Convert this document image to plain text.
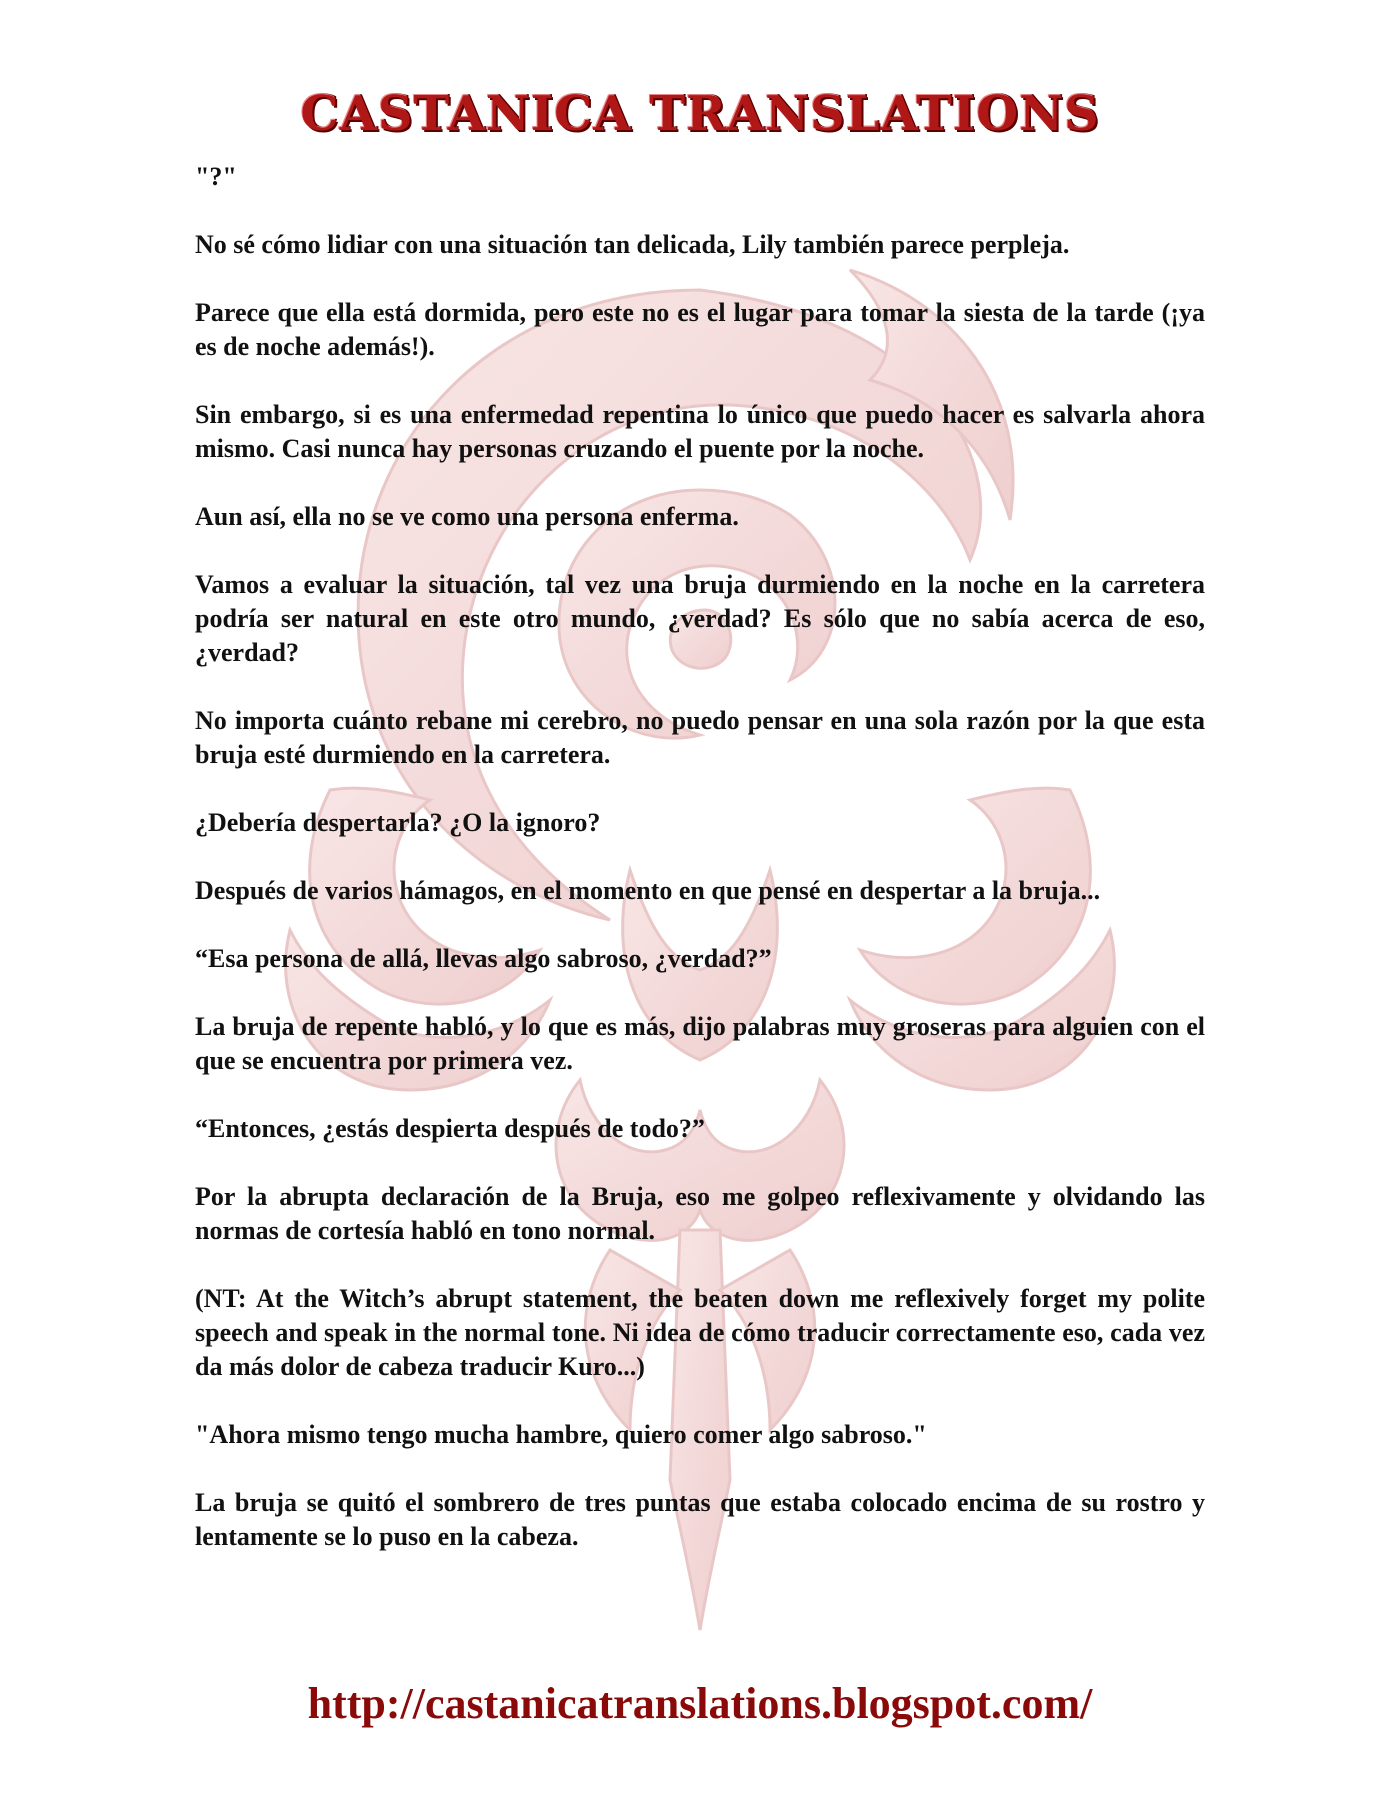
CASTANICA TRANSLATIONS

"?"

No sé cómo lidiar con una situación tan delicada, Lily también parece perpleja.

Parece que ella está dormida, pero este no es el lugar para tomar la siesta de la tarde (¡ya es de noche además!).

Sin embargo, si es una enfermedad repentina lo único que puedo hacer es salvarla ahora mismo. Casi nunca hay personas cruzando el puente por la noche.

Aun así, ella no se ve como una persona enferma.

Vamos a evaluar la situación, tal vez una bruja durmiendo en la noche en la carretera podría ser natural en este otro mundo, ¿verdad? Es sólo que no sabía acerca de eso, ¿verdad?

No importa cuánto rebane mi cerebro, no puedo pensar en una sola razón por la que esta bruja esté durmiendo en la carretera.

¿Debería despertarla? ¿O la ignoro?

Después de varios hámagos, en el momento en que pensé en despertar a la bruja...

“Esa persona de allá, llevas algo sabroso, ¿verdad?”

La bruja de repente habló, y lo que es más, dijo palabras muy groseras para alguien con el que se encuentra por primera vez.

“Entonces, ¿estás despierta después de todo?”

Por la abrupta declaración de la Bruja, eso me golpeo reflexivamente y olvidando las normas de cortesía habló en tono normal.

(NT: At the Witch’s abrupt statement, the beaten down me reflexively forget my polite speech and speak in the normal tone. Ni idea de cómo traducir correctamente eso, cada vez da más dolor de cabeza traducir Kuro...)

"Ahora mismo tengo mucha hambre, quiero comer algo sabroso."

La bruja se quitó el sombrero de tres puntas que estaba colocado encima de su rostro y lentamente se lo puso en la cabeza.

http://castanicatranslations.blogspot.com/
